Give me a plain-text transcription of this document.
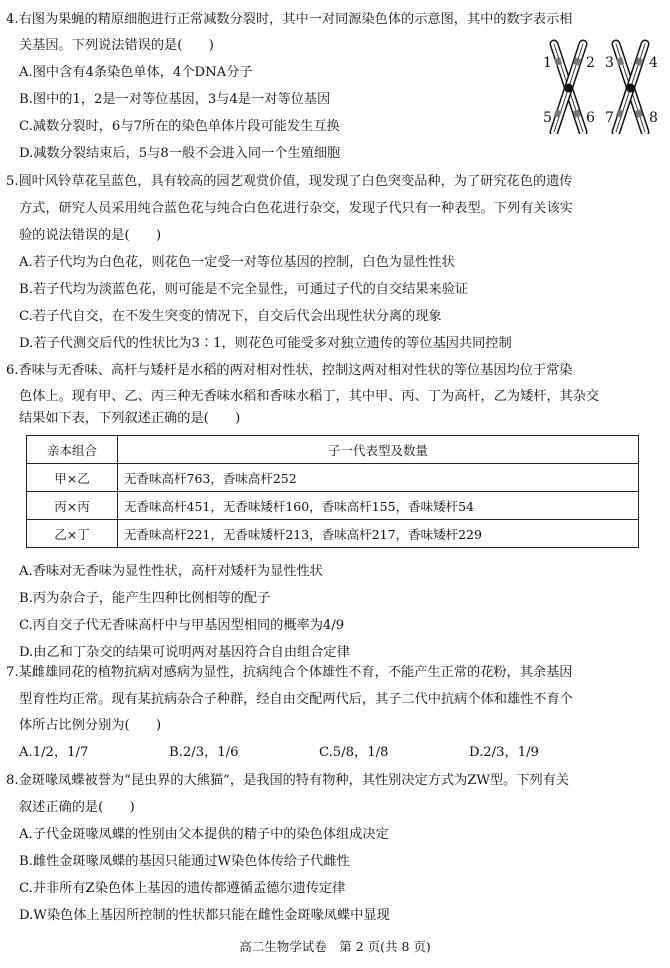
4.右图为果蝇的精原细胞进行正常减数分裂时，其中一对同源染色体的示意图，其中的数字表示相
关基因。下列说法错误的是(　　)
A.图中含有4条染色单体，4个DNA分子
B.图中的1，2是一对等位基因，3与4是一对等位基因
C.减数分裂时，6与7所在的染色单体片段可能发生互换
D.减数分裂结束后，5与8一般不会进入同一个生殖细胞
1 2 3	4
5 6 7	8
5.圆叶风铃草花呈蓝色，具有较高的园艺观赏价值，现发现了白色突变品种，为了研究花色的遗传
方式，研究人员采用纯合蓝色花与纯合白色花进行杂交，发现子代只有一种表型。下列有关该实
验的说法错误的是(　　)
A.若子代均为白色花，则花色一定受一对等位基因的控制，白色为显性性状
B.若子代均为淡蓝色花，则可能是不完全显性，可通过子代的自交结果来验证
C.若子代自交，在不发生突变的情况下，自交后代会出现性状分离的现象
D.若子代测交后代的性状比为3∶1，则花色可能受多对独立遗传的等位基因共同控制
6.香味与无香味、高杆与矮杆是水稻的两对相对性状，控制这两对相对性状的等位基因均位于常染
色体上。现有甲、乙、丙三种无香味水稻和香味水稻丁，其中甲、丙、丁为高杆，乙为矮杆，其杂交
结果如下表，下列叙述正确的是(　　)
亲本组合	子一代表型及数量
甲×乙	无香味高杆763，香味高杆252
丙×丙	无香味高杆451，无香味矮杆160，香味高杆155，香味矮杆54
乙×丁	无香味高杆221，无香味矮杆213，香味高杆217，香味矮杆229
A.香味对无香味为显性性状，高杆对矮杆为显性性状
B.丙为杂合子，能产生四种比例相等的配子
C.丙自交子代无香味高杆中与甲基因型相同的概率为4/9
D.由乙和丁杂交的结果可说明两对基因符合自由组合定律
7.某雌雄同花的植物抗病对感病为显性，抗病纯合个体雄性不育，不能产生正常的花粉，其余基因
型育性均正常。现有某抗病杂合子种群，经自由交配两代后，其子二代中抗病个体和雄性不育个
体所占比例分别为(　　)
A.1/2，1/7	B.2/3，1/6	C.5/8，1/8	D.2/3，1/9
8.金斑喙凤蝶被誉为“昆虫界的大熊猫”，是我国的特有物种，其性别决定方式为ZW型。下列有关
叙述正确的是(　　)
A.子代金斑喙凤蝶的性别由父本提供的精子中的染色体组成决定
B.雌性金斑喙凤蝶的基因只能通过W染色体传给子代雌性
C.并非所有Z染色体上基因的遗传都遵循孟德尔遗传定律
D.W染色体上基因所控制的性状都只能在雌性金斑喙凤蝶中显现
高二生物学试卷　第 2 页(共 8 页)
